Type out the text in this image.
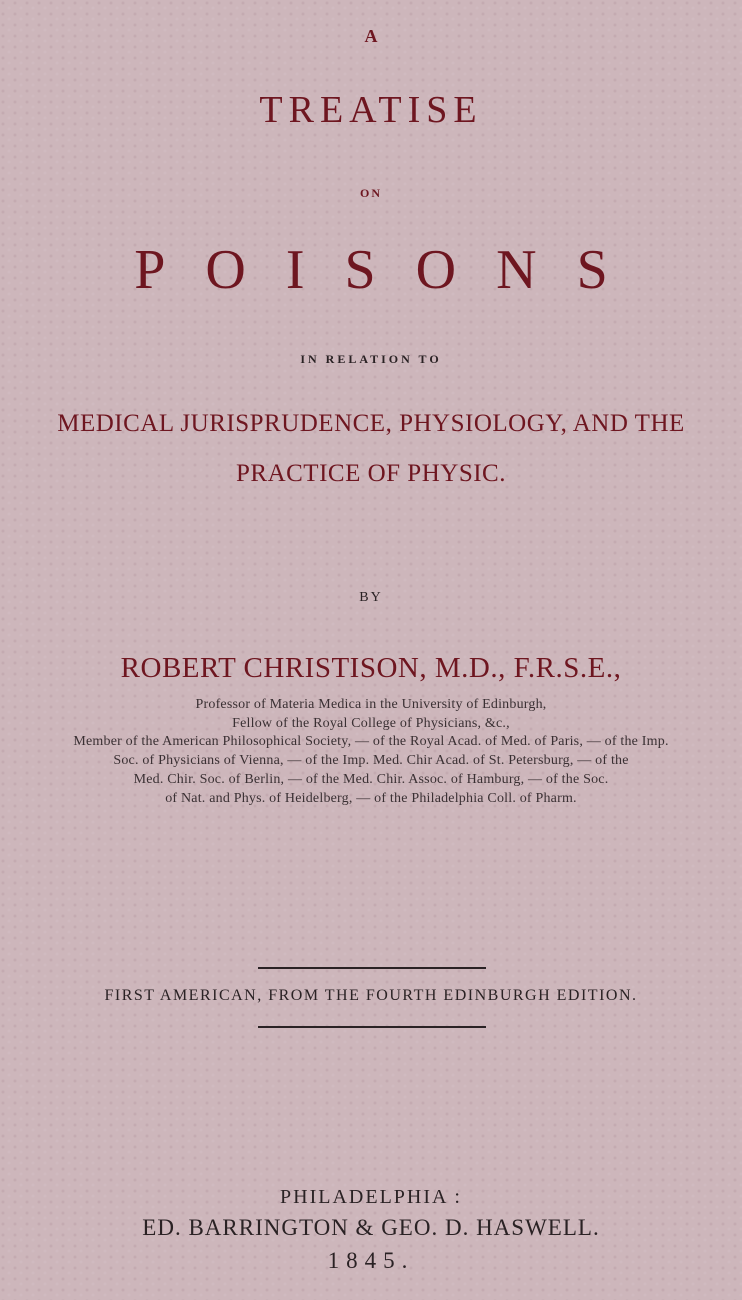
A
TREATISE
ON
P O I S O N S
IN RELATION TO
MEDICAL JURISPRUDENCE, PHYSIOLOGY, AND THE
PRACTICE OF PHYSIC.
BY
ROBERT CHRISTISON, M.D., F.R.S.E.,
Professor of Materia Medica in the University of Edinburgh,
Fellow of the Royal College of Physicians, &c.,
Member of the American Philosophical Society, — of the Royal Acad. of Med. of Paris, — of the Imp.
Soc. of Physicians of Vienna, — of the Imp. Med. Chir Acad. of St. Petersburg, — of the
Med. Chir. Soc. of Berlin, — of the Med. Chir. Assoc. of Hamburg, — of the Soc.
of Nat. and Phys. of Heidelberg, — of the Philadelphia Coll. of Pharm.
FIRST AMERICAN, FROM THE FOURTH EDINBURGH EDITION.
PHILADELPHIA :
ED. BARRINGTON & GEO. D. HASWELL.
1845.
